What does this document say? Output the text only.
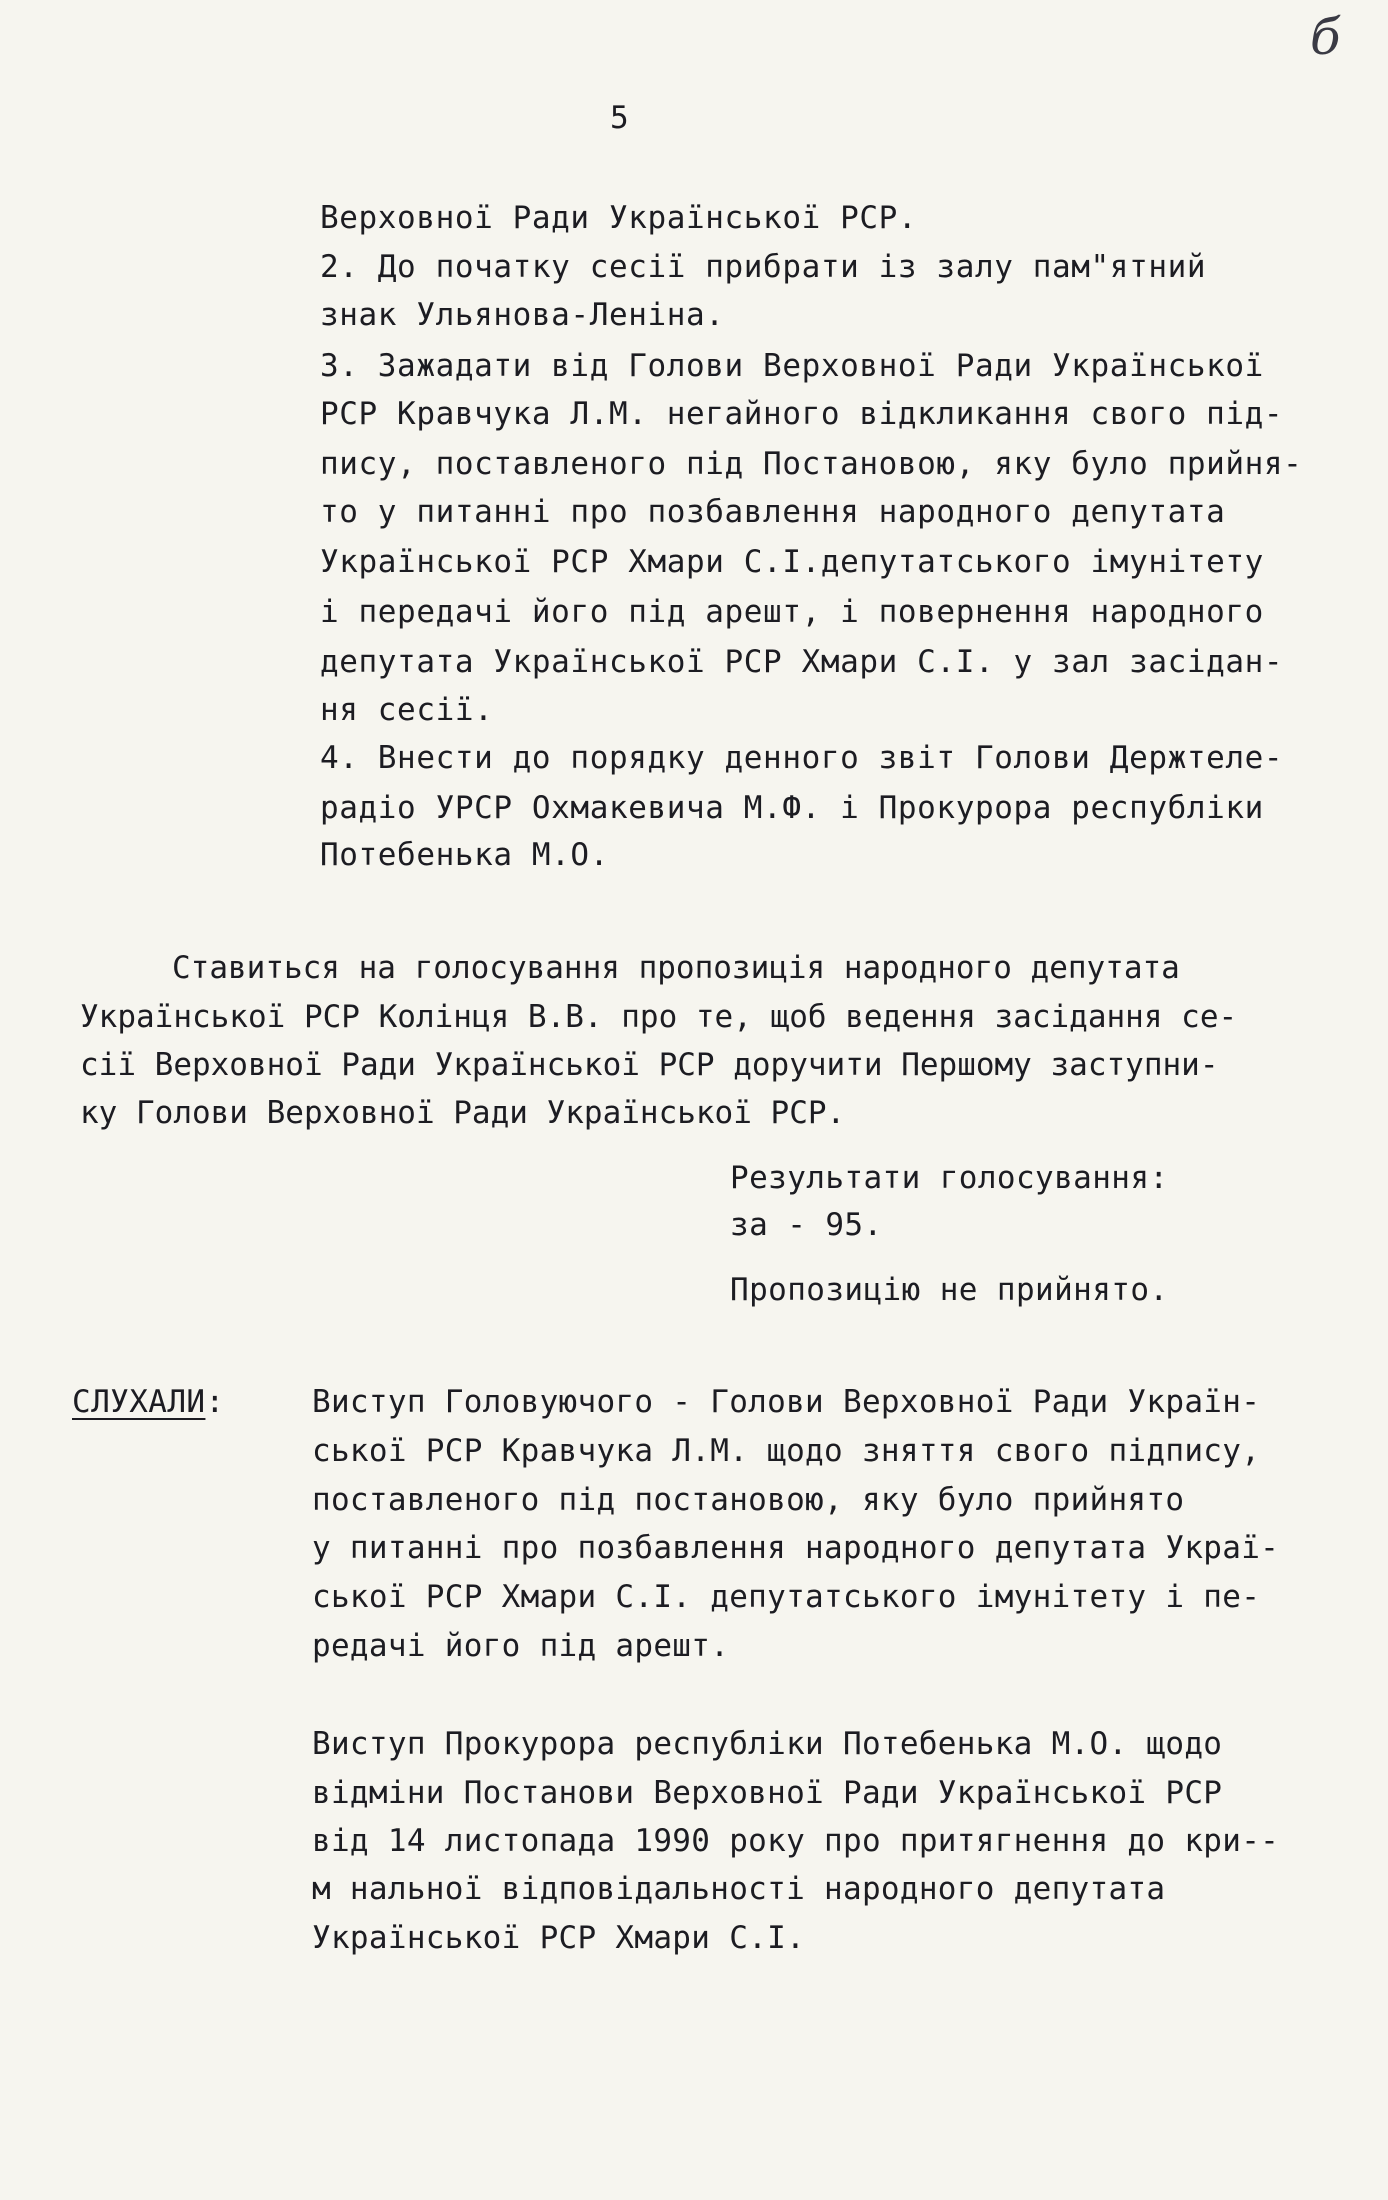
б
5
Верховної Ради Української РСР.
2. До початку сесії прибрати із залу пам"ятний
знак Ульянова-Леніна.
3. Зажадати від Голови Верховної Ради Української
РСР Кравчука Л.М. негайного відкликання свого під-
пису, поставленого під Постановою, яку було прийня-
то у питанні про позбавлення народного депутата
Української РСР Хмари С.І.депутатського імунітету
і передачі його під арешт, і повернення народного
депутата Української РСР Хмари С.І. у зал засідан-
ня сесії.
4. Внести до порядку денного звіт Голови Держтеле-
радіо УРСР Охмакевича М.Ф. і Прокурора республіки
Потебенька М.О.
Ставиться на голосування пропозиція народного депутата
Української РСР Колінця В.В. про те, щоб ведення засідання се-
сії Верховної Ради Української РСР доручити Першому заступни-
ку Голови Верховної Ради Української РСР.
Результати голосування:
за - 95.
Пропозицію не прийнято.
СЛУХАЛИ:	Виступ Головуючого - Голови Верховної Ради Україн-
ської РСР Кравчука Л.М. щодо зняття свого підпису,
поставленого під постановою, яку було прийнято
у питанні про позбавлення народного депутата Украї-
ської РСР Хмари С.І. депутатського імунітету і пе-
редачі його під арешт.
Виступ Прокурора республіки Потебенька М.О. щодо
відміни Постанови Верховної Ради Української РСР
від 14 листопада 1990 року про притягнення до кри--
м нальної відповідальності народного депутата
Української РСР Хмари С.І.
